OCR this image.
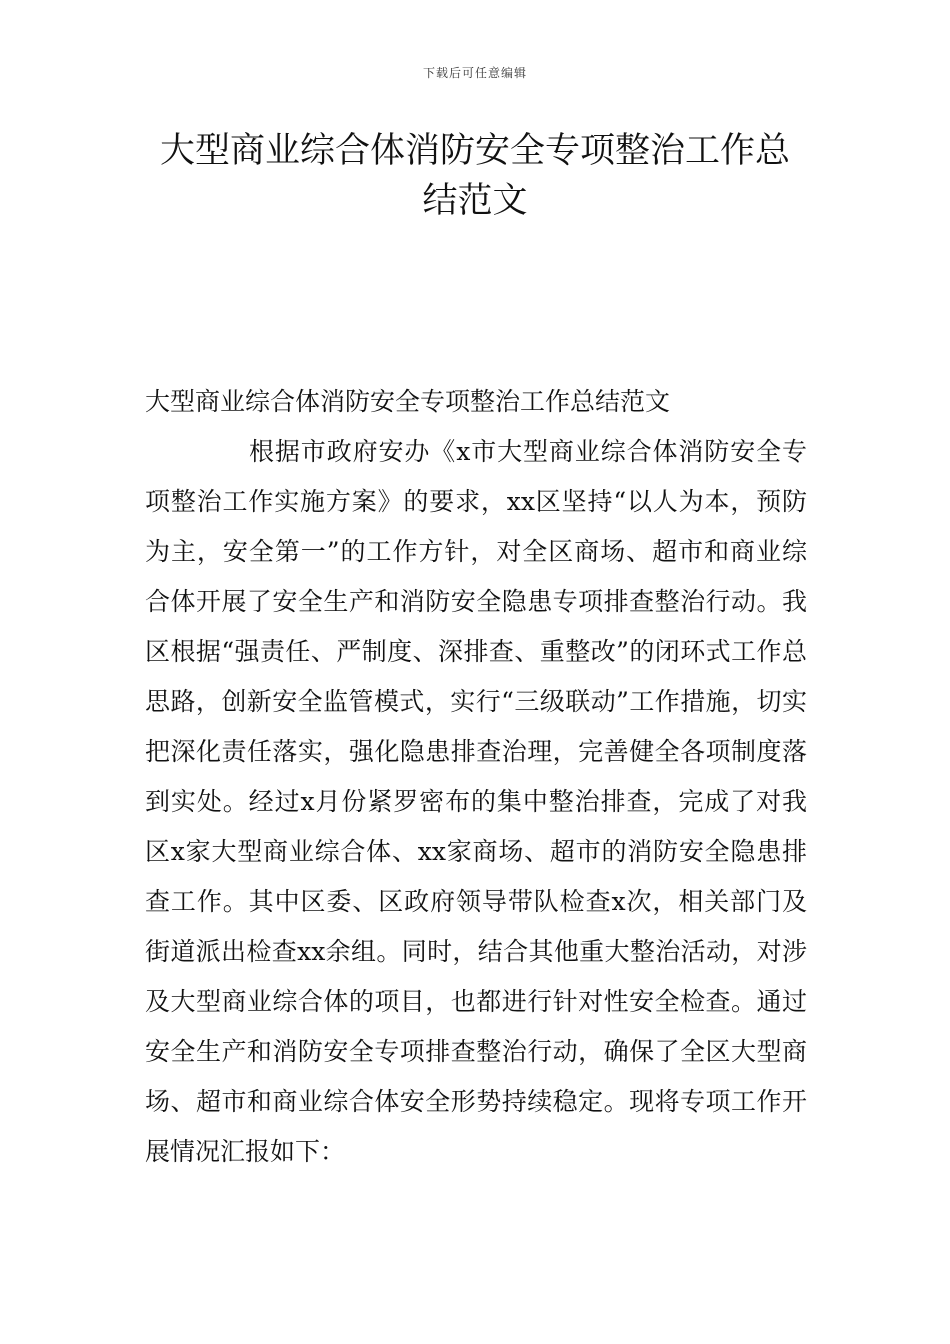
下载后可任意编辑
大型商业综合体消防安全专项整治工作总结范文

大型商业综合体消防安全专项整治工作总结范文

根据市政府安办《x市大型商业综合体消防安全专项整治工作实施方案》的要求，xx区坚持“以人为本，预防为主，安全第一”的工作方针，对全区商场、超市和商业综合体开展了安全生产和消防安全隐患专项排查整治行动。我区根据“强责任、严制度、深排查、重整改”的闭环式工作总思路，创新安全监管模式，实行“三级联动”工作措施，切实把深化责任落实，强化隐患排查治理，完善健全各项制度落到实处。经过x月份紧罗密布的集中整治排查，完成了对我区x家大型商业综合体、xx家商场、超市的消防安全隐患排查工作。其中区委、区政府领导带队检查x次，相关部门及街道派出检查xx余组。同时，结合其他重大整治活动，对涉及大型商业综合体的项目，也都进行针对性安全检查。通过安全生产和消防安全专项排查整治行动，确保了全区大型商场、超市和商业综合体安全形势持续稳定。现将专项工作开展情况汇报如下：
